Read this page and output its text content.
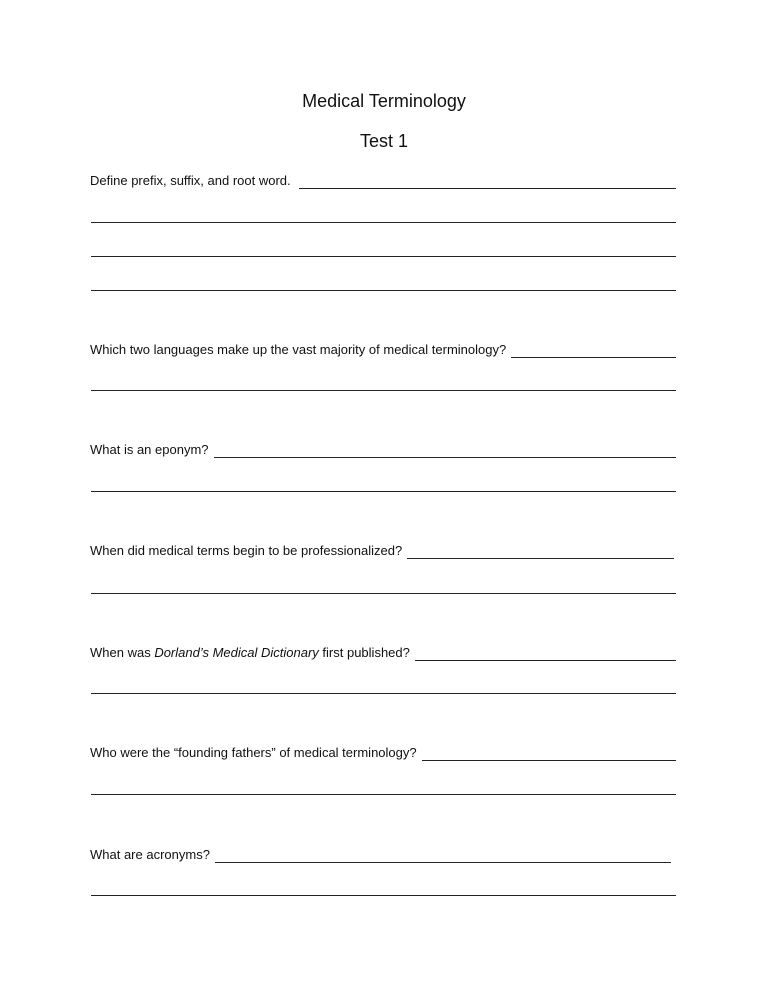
Medical Terminology
Test 1
Define prefix, suffix, and root word.
Which two languages make up the vast majority of medical terminology?
What is an eponym?
When did medical terms begin to be professionalized?
When was Dorland’s Medical Dictionary first published?
Who were the “founding fathers” of medical terminology?
What are acronyms?
